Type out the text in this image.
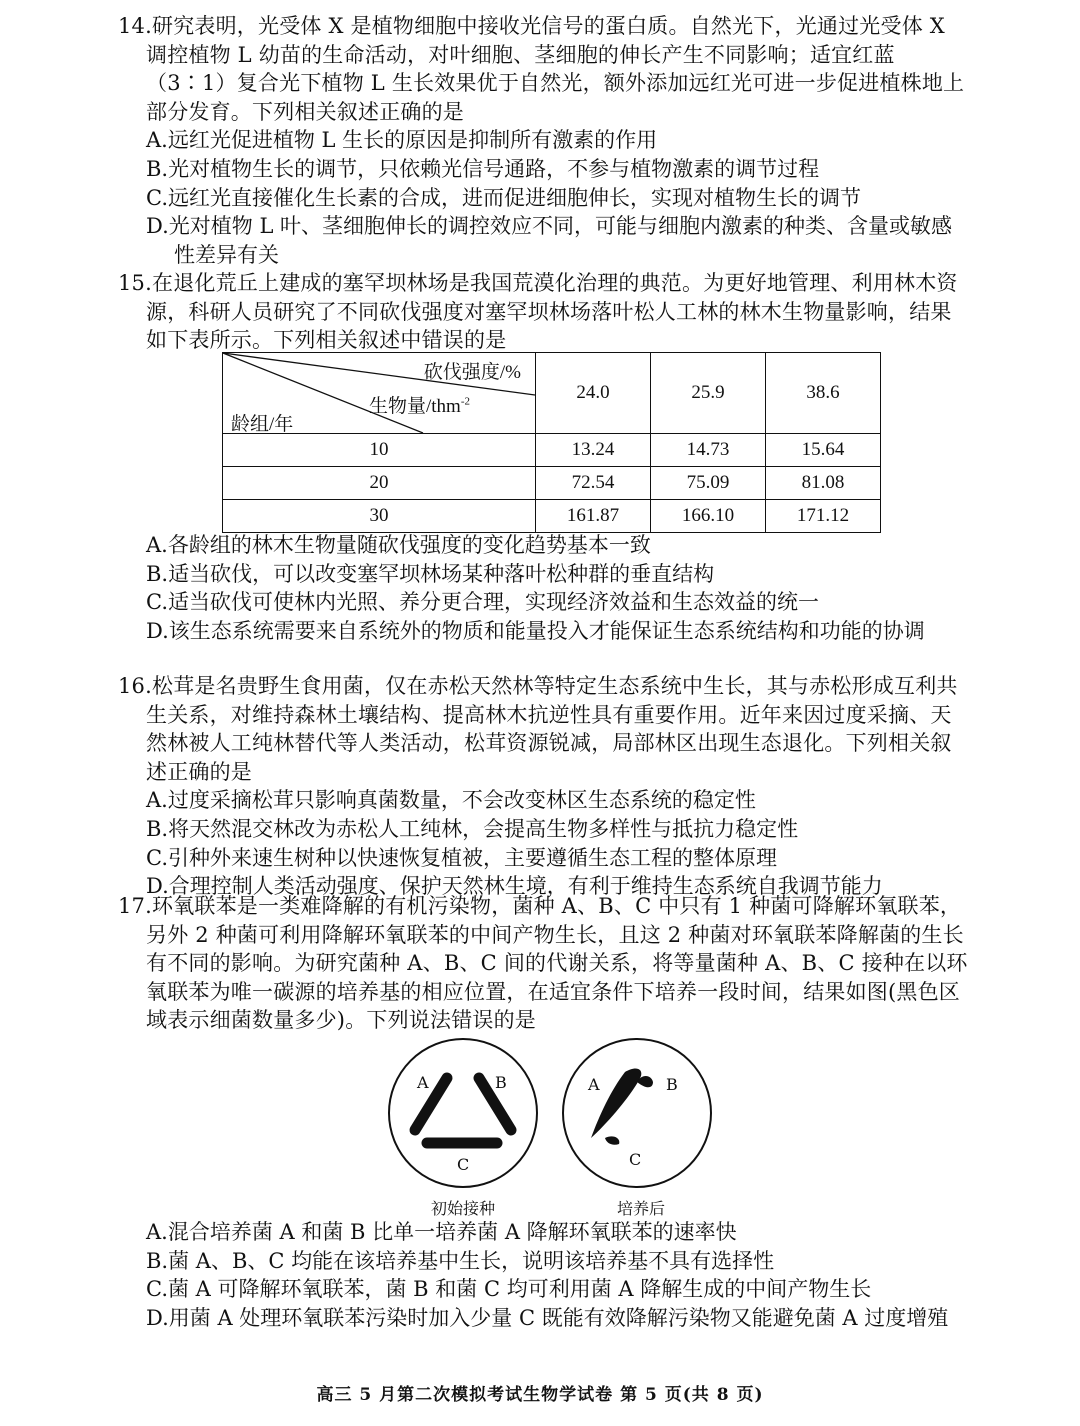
14.研究表明，光受体 X 是植物细胞中接收光信号的蛋白质。自然光下，光通过光受体 X 调控植物 L 幼苗的生命活动，对叶细胞、茎细胞的伸长产生不同影响；适宜红蓝（3∶1）复合光下植物 L 生长效果优于自然光，额外添加远红光可进一步促进植株地上部分发育。下列相关叙述正确的是
A.远红光促进植物 L 生长的原因是抑制所有激素的作用
B.光对植物生长的调节，只依赖光信号通路，不参与植物激素的调节过程
C.远红光直接催化生长素的合成，进而促进细胞伸长，实现对植物生长的调节
D.光对植物 L 叶、茎细胞伸长的调控效应不同，可能与细胞内激素的种类、含量或敏感性差异有关
15.在退化荒丘上建成的塞罕坝林场是我国荒漠化治理的典范。为更好地管理、利用林木资源，科研人员研究了不同砍伐强度对塞罕坝林场落叶松人工林的林木生物量影响，结果如下表所示。下列相关叙述中错误的是
砍伐强度/%
生物量/thm$^{-2}$
龄组/年	24.0	25.9	38.6
10	13.24	14.73	15.64
20	72.54	75.09	81.08
30	161.87	166.10	171.12
A.各龄组的林木生物量随砍伐强度的变化趋势基本一致
B.适当砍伐，可以改变塞罕坝林场某种落叶松种群的垂直结构
C.适当砍伐可使林内光照、养分更合理，实现经济效益和生态效益的统一
D.该生态系统需要来自系统外的物质和能量投入才能保证生态系统结构和功能的协调
16.松茸是名贵野生食用菌，仅在赤松天然林等特定生态系统中生长，其与赤松形成互利共生关系，对维持森林土壤结构、提高林木抗逆性具有重要作用。近年来因过度采摘、天然林被人工纯林替代等人类活动，松茸资源锐减，局部林区出现生态退化。下列相关叙述正确的是
A.过度采摘松茸只影响真菌数量，不会改变林区生态系统的稳定性
B.将天然混交林改为赤松人工纯林，会提高生物多样性与抵抗力稳定性
C.引种外来速生树种以快速恢复植被，主要遵循生态工程的整体原理
D.合理控制人类活动强度、保护天然林生境，有利于维持生态系统自我调节能力
17.环氧联苯是一类难降解的有机污染物，菌种 A、B、C 中只有 1 种菌可降解环氧联苯，另外 2 种菌可利用降解环氧联苯的中间产物生长，且这 2 种菌对环氧联苯降解菌的生长有不同的影响。为研究菌种 A、B、C 间的代谢关系，将等量菌种 A、B、C 接种在以环氧联苯为唯一碳源的培养基的相应位置，在适宜条件下培养一段时间，结果如图(黑色区域表示细菌数量多少)。下列说法错误的是
A	B
C
A	B
C
初始接种	培养后
A.混合培养菌 A 和菌 B 比单一培养菌 A 降解环氧联苯的速率快
B.菌 A、B、C 均能在该培养基中生长，说明该培养基不具有选择性
C.菌 A 可降解环氧联苯，菌 B 和菌 C 均可利用菌 A 降解生成的中间产物生长
D.用菌 A 处理环氧联苯污染时加入少量 C 既能有效降解污染物又能避免菌 A 过度增殖
高三 5 月第二次模拟考试生物学试卷 第 5 页(共 8 页)
